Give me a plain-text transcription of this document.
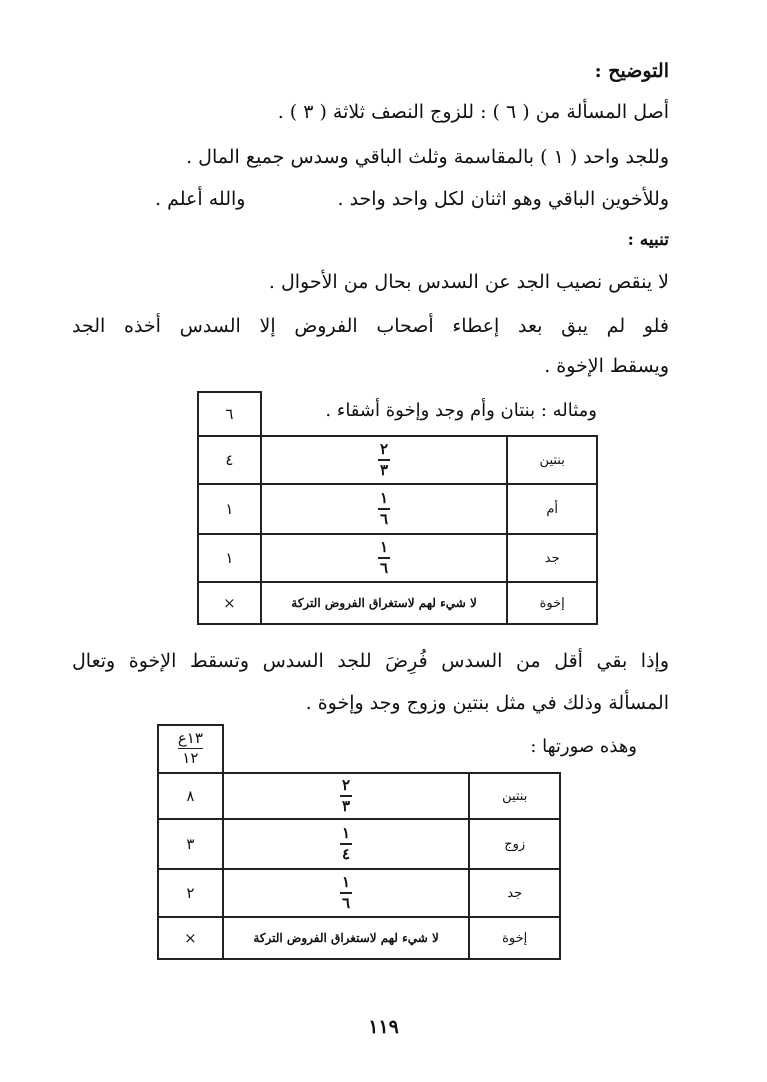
التوضيح :
أصل المسألة من ( ٦ ) : للزوج النصف ثلاثة ( ٣ ) .
وللجد واحد ( ١ ) بالمقاسمة وثلث الباقي وسدس جميع المال .
وللأخوين الباقي وهو اثنان لكل واحد واحد . والله أعلم .
تنبيه :
لا ينقص نصيب الجد عن السدس بحال من الأحوال .
فلو لم يبق بعد إعطاء أصحاب الفروض إلا السدس أخذه الجد
ويسقط الإخوة .
ومثاله : بنتان وأم وجد وإخوة أشقاء .
		٦
بنتين	$\frac{٢}{٣}$	٤
أم	$\frac{١}{٦}$	١
جد	$\frac{١}{٦}$	١
إخوة	لا شيء لهم لاستغراق الفروض التركة	×
وإذا بقي أقل من السدس فُرِضَ للجد السدس وتسقط الإخوة وتعال
المسألة وذلك في مثل بنتين وزوج وجد وإخوة .
وهذه صورتها :
		١٣ع
١٢
بنتين	$\frac{٢}{٣}$	٨
زوج	$\frac{١}{٤}$	٣
جد	$\frac{١}{٦}$	٢
إخوة	لا شيء لهم لاستغراق الفروض التركة	×
١١٩
